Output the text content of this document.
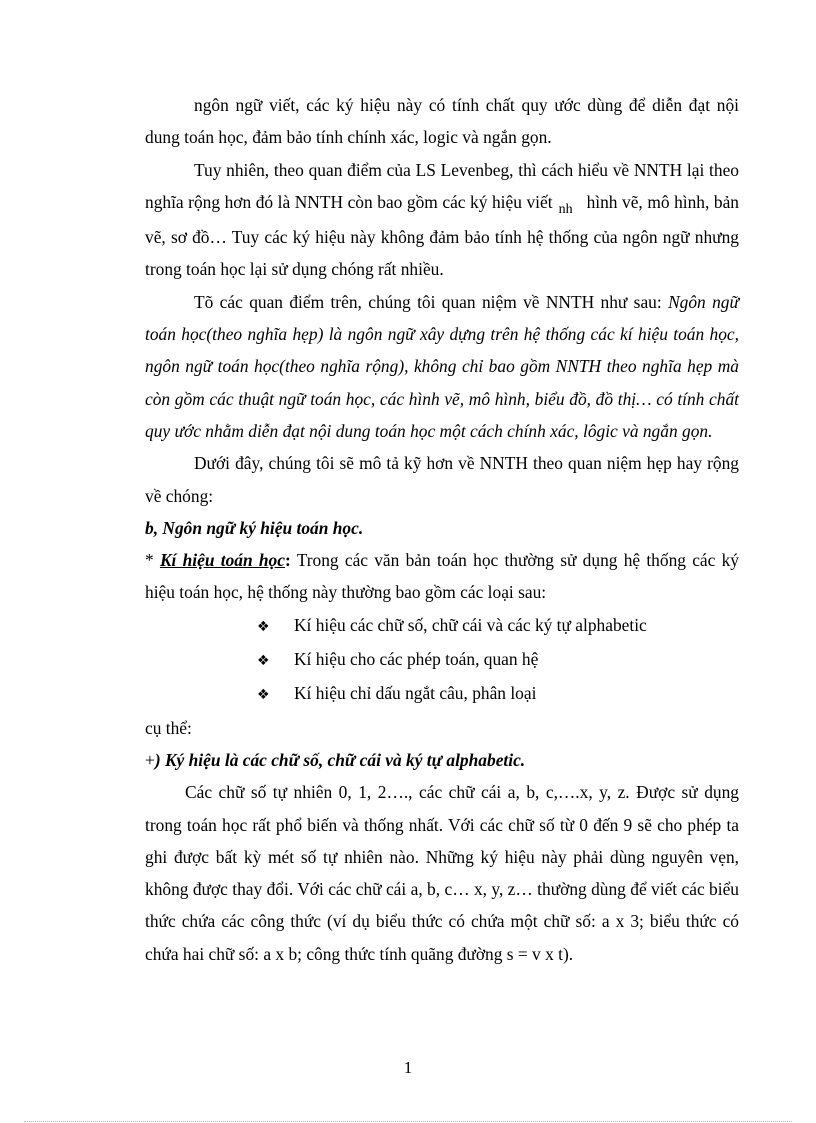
ngôn ngữ viết, các ký hiệu này có tính chất quy ước dùng để diễn đạt nội

dung toán học, đảm bảo tính chính xác, logic và ngắn gọn.

Tuy nhiên, theo quan điểm của LS Levenbeg, thì cách hiểu về NNTH lại theo nghĩa rộng hơn đó là NNTH còn bao gồm các ký hiệu viết $_{nh}$ hình vẽ, mô hình, bản vẽ, sơ đồ… Tuy các ký hiệu này không đảm bảo tính hệ thống của ngôn ngữ nhưng trong toán học lại sử dụng chóng rất nhiều.

Tõ các quan điểm trên, chúng tôi quan niệm về NNTH như sau: Ngôn ngữ toán học(theo nghĩa hẹp) là ngôn ngữ xây dựng trên hệ thống các kí hiệu toán học, ngôn ngữ toán học(theo nghĩa rộng), không chỉ bao gồm NNTH theo nghĩa hẹp mà còn gồm các thuật ngữ toán học, các hình vẽ, mô hình, biểu đồ, đồ thị… có tính chất quy ước nhằm diễn đạt nội dung toán học một cách chính xác, lôgic và ngắn gọn.

Dưới đây, chúng tôi sẽ mô tả kỹ hơn về NNTH theo quan niệm hẹp hay rộng về chóng:

b, Ngôn ngữ ký hiệu toán học.

* Kí hiệu toán học: Trong các văn bản toán học thường sử dụng hệ thống các ký hiệu toán học, hệ thống này thường bao gồm các loại sau:

❖	Kí hiệu các chữ số, chữ cái và các ký tự alphabetic
❖	Kí hiệu cho các phép toán, quan hệ
❖	Kí hiệu chỉ dấu ngắt câu, phân loại

cụ thể:

+) Ký hiệu là các chữ số, chữ cái và ký tự alphabetic.

Các chữ số tự nhiên 0, 1, 2…., các chữ cái a, b, c,….x, y, z. Được sử dụng trong toán học rất phổ biến và thống nhất. Với các chữ số từ 0 đến 9 sẽ cho phép ta ghi được bất kỳ mét số tự nhiên nào. Những ký hiệu này phải dùng nguyên vẹn, không được thay đổi. Với các chữ cái a, b, c… x, y, z… thường dùng để viết các biểu thức chứa các công thức (ví dụ biểu thức có chứa một chữ số: a x 3; biểu thức có chứa hai chữ số: a x b; công thức tính quãng đường s = v x t).

1
